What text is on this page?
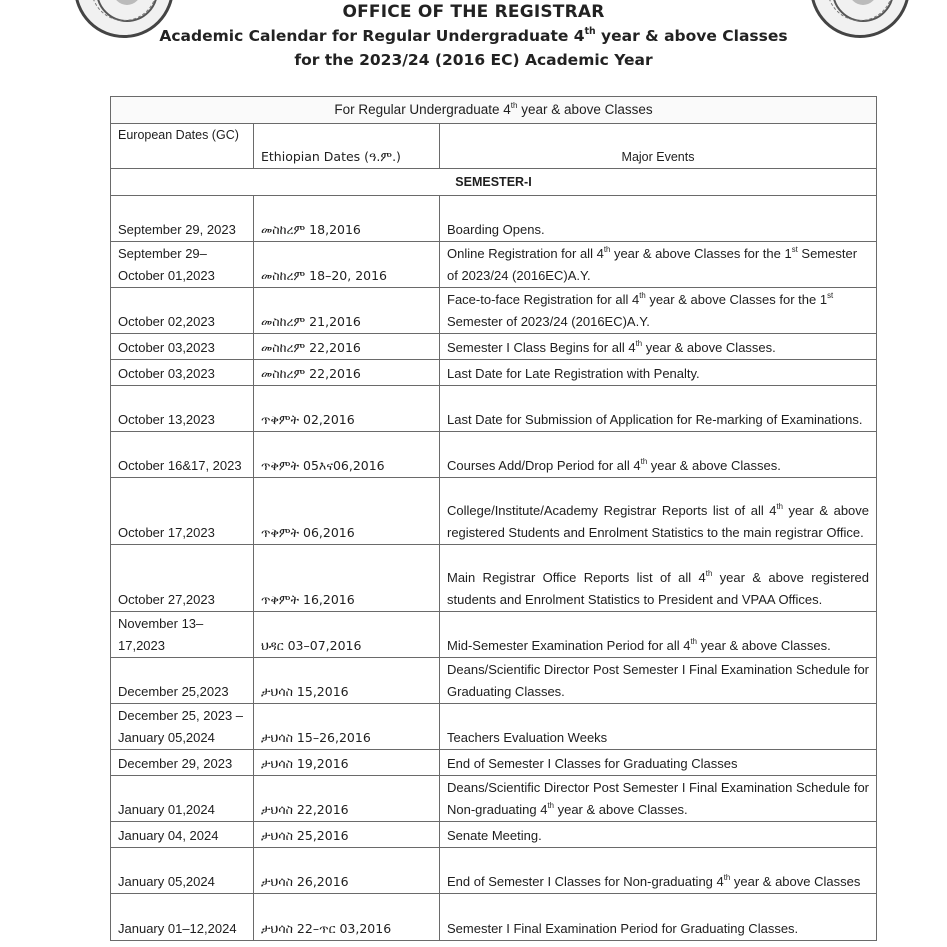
OFFICE OF THE REGISTRAR
Academic Calendar for Regular Undergraduate 4th year & above Classes
for the 2023/24 (2016 EC) Academic Year
For Regular Undergraduate 4th year & above Classes		
European Dates (GC)	Ethiopian Dates (ዓ.ም.)	Major Events
SEMESTER-I		
September 29, 2023	መስከረም 18,2016	Boarding Opens.

September 29–October 01,2023	መስከረም 18–20, 2016	Online Registration for all 4th year & above Classes for the 1st Semester of 2023/24 (2016EC)A.Y.

October 02,2023	መስከረም 21,2016	Face-to-face Registration for all 4th year & above Classes for the 1st Semester of 2023/24 (2016EC)A.Y.

October 03,2023	መስከረም 22,2016	Semester I Class Begins for all 4th year & above Classes.

October 03,2023	መስከረም 22,2016	Last Date for Late Registration with Penalty.

October 13,2023	ጥቅምት 02,2016	Last Date for Submission of Application for Re-marking of Examinations.

October 16&17, 2023	ጥቅምት 05እና06,2016	Courses Add/Drop Period for all 4th year & above Classes.

October 17,2023	ጥቅምት 06,2016	College/Institute/Academy Registrar Reports list of all 4th year & above registered Students and Enrolment Statistics to the main registrar Office.

October 27,2023	ጥቅምት 16,2016	Main Registrar Office Reports list of all 4th year & above registered students and Enrolment Statistics to President and VPAA Offices.

November 13–17,2023	ህዳር 03–07,2016	Mid-Semester Examination Period for all 4th year & above Classes.

December 25,2023	ታህሳስ 15,2016	Deans/Scientific Director Post Semester I Final Examination Schedule for Graduating Classes.

December 25, 2023 – January 05,2024	ታህሳስ 15–26,2016	Teachers Evaluation Weeks

December 29, 2023	ታህሳስ 19,2016	End of Semester I Classes for Graduating Classes

January 01,2024	ታህሳስ 22,2016	Deans/Scientific Director Post Semester I Final Examination Schedule for Non-graduating 4th year & above Classes.

January 04, 2024	ታህሳስ 25,2016	Senate Meeting.

January 05,2024	ታህሳስ 26,2016	End of Semester I Classes for Non-graduating 4th year & above Classes

January 01–12,2024	ታህሳስ 22–ጥር 03,2016	Semester I Final Examination Period for Graduating Classes.
